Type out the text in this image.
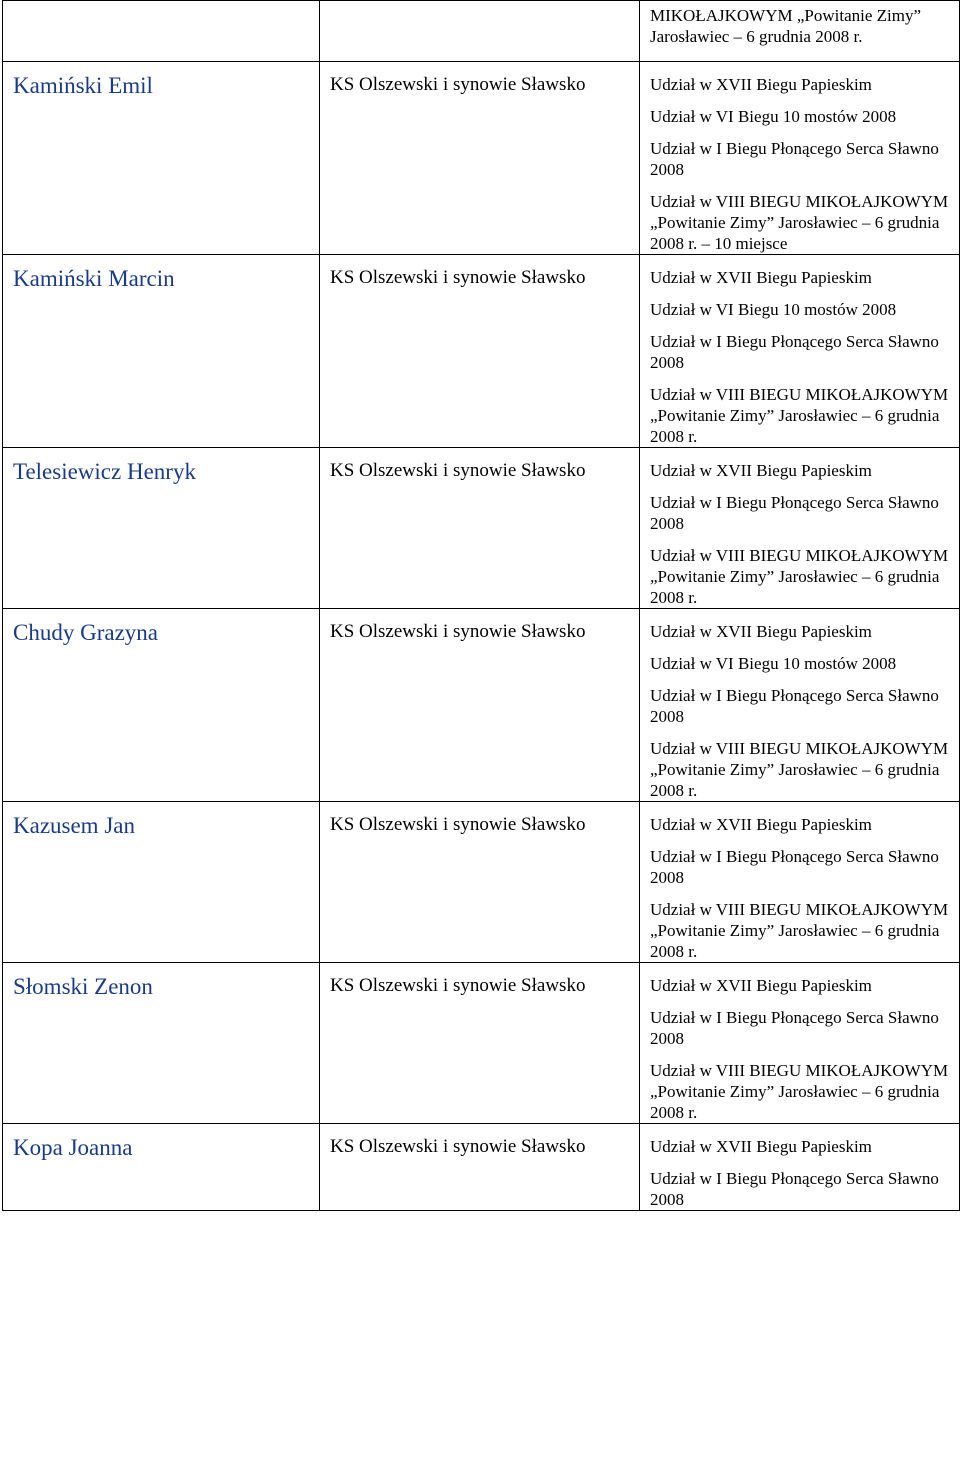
		MIKOŁAJKOWYM „Powitanie Zimy” Jarosławiec – 6 grudnia 2008 r.

Kamiński Emil	KS Olszewski i synowie Sławsko	Udział w XVII Biegu Papieskim
Udział w VI Biegu 10 mostów 2008
Udział w I Biegu Płonącego Serca Sławno 2008
Udział w VIII BIEGU MIKOŁAJKOWYM „Powitanie Zimy” Jarosławiec – 6 grudnia 2008 r. – 10 miejsce

Kamiński Marcin	KS Olszewski i synowie Sławsko	Udział w XVII Biegu Papieskim
Udział w VI Biegu 10 mostów 2008
Udział w I Biegu Płonącego Serca Sławno 2008
Udział w VIII BIEGU MIKOŁAJKOWYM „Powitanie Zimy” Jarosławiec – 6 grudnia 2008 r.

Telesiewicz Henryk	KS Olszewski i synowie Sławsko	Udział w XVII Biegu Papieskim
Udział w I Biegu Płonącego Serca Sławno 2008
Udział w VIII BIEGU MIKOŁAJKOWYM „Powitanie Zimy” Jarosławiec – 6 grudnia 2008 r.

Chudy Grazyna	KS Olszewski i synowie Sławsko	Udział w XVII Biegu Papieskim
Udział w VI Biegu 10 mostów 2008
Udział w I Biegu Płonącego Serca Sławno 2008
Udział w VIII BIEGU MIKOŁAJKOWYM „Powitanie Zimy” Jarosławiec – 6 grudnia 2008 r.

Kazusem Jan	KS Olszewski i synowie Sławsko	Udział w XVII Biegu Papieskim
Udział w I Biegu Płonącego Serca Sławno 2008
Udział w VIII BIEGU MIKOŁAJKOWYM „Powitanie Zimy” Jarosławiec – 6 grudnia 2008 r.

Słomski Zenon	KS Olszewski i synowie Sławsko	Udział w XVII Biegu Papieskim
Udział w I Biegu Płonącego Serca Sławno 2008
Udział w VIII BIEGU MIKOŁAJKOWYM „Powitanie Zimy” Jarosławiec – 6 grudnia 2008 r.

Kopa Joanna	KS Olszewski i synowie Sławsko	Udział w XVII Biegu Papieskim
Udział w I Biegu Płonącego Serca Sławno 2008
